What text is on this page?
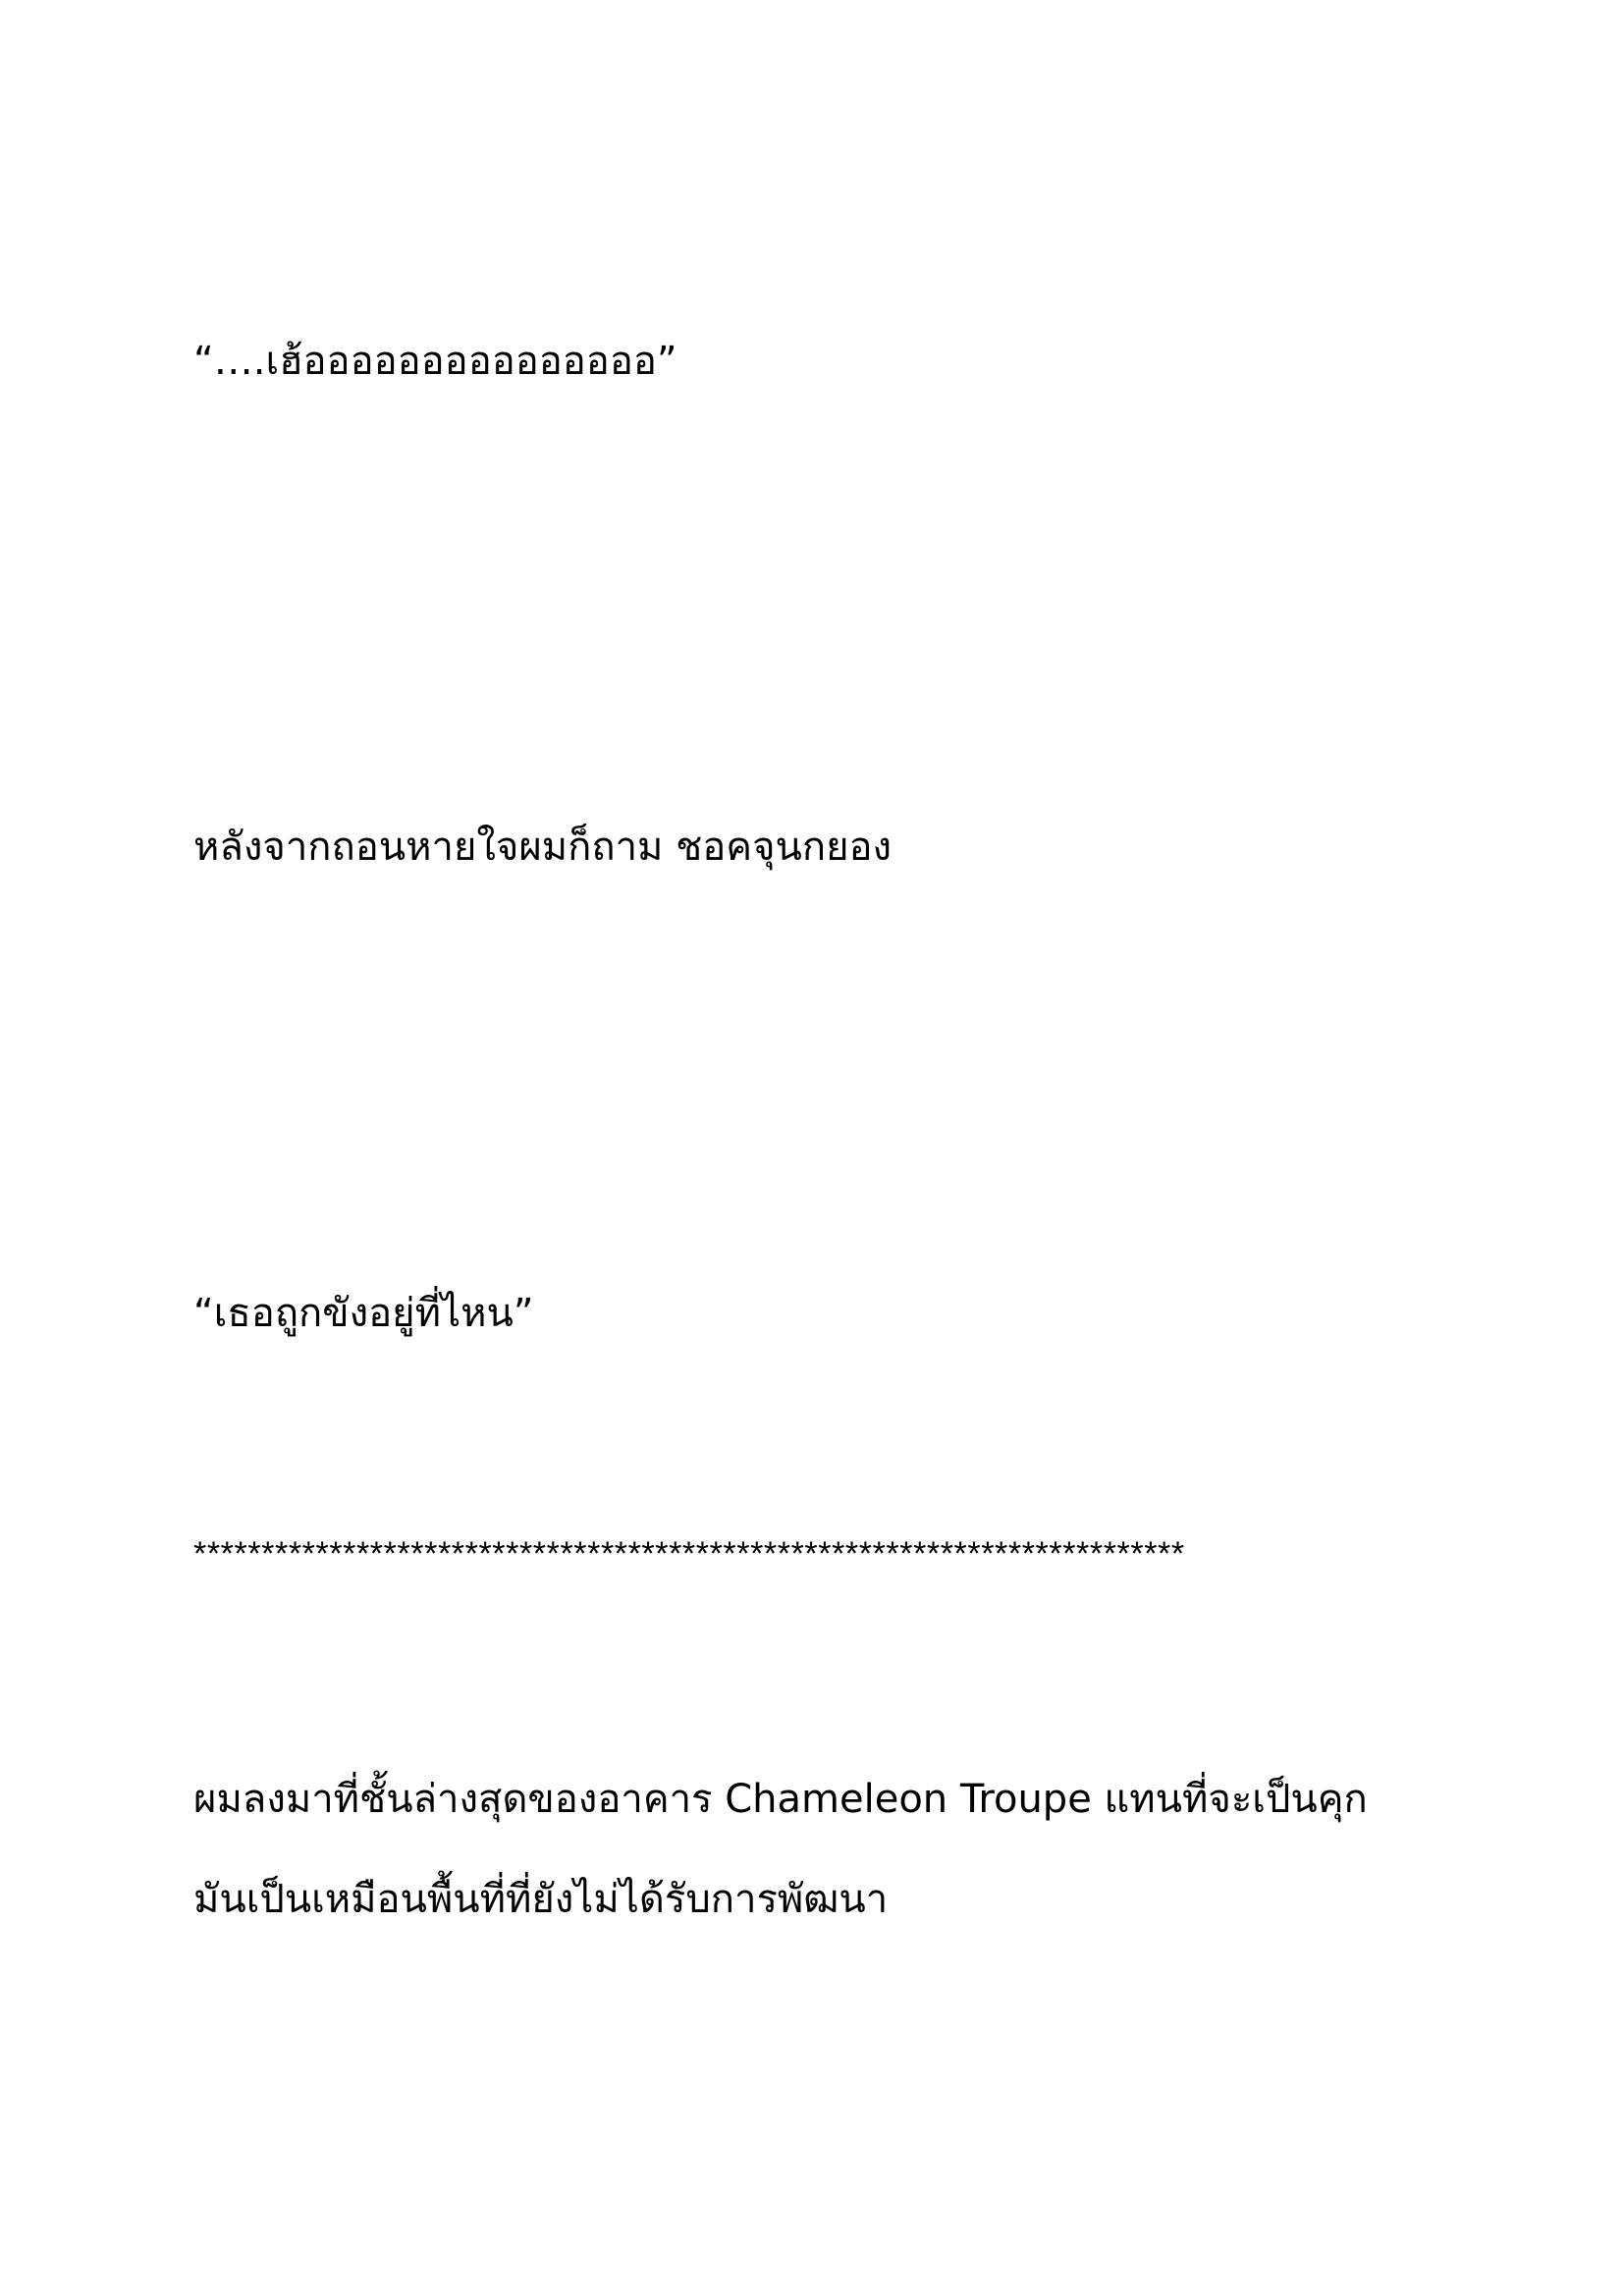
“….เฮ้อออออออออออออออ”
หลังจากถอนหายใจผมก็ถาม ชอคจุนกยอง
“เธอถูกขังอยู่ที่ไหน”
*************************************************************************
ผมลงมาที่ชั้นล่างสุดของอาคาร Chameleon Troupe แทนที่จะเป็นคุก
มันเป็นเหมือนพื้นที่ที่ยังไม่ได้รับการพัฒนา
